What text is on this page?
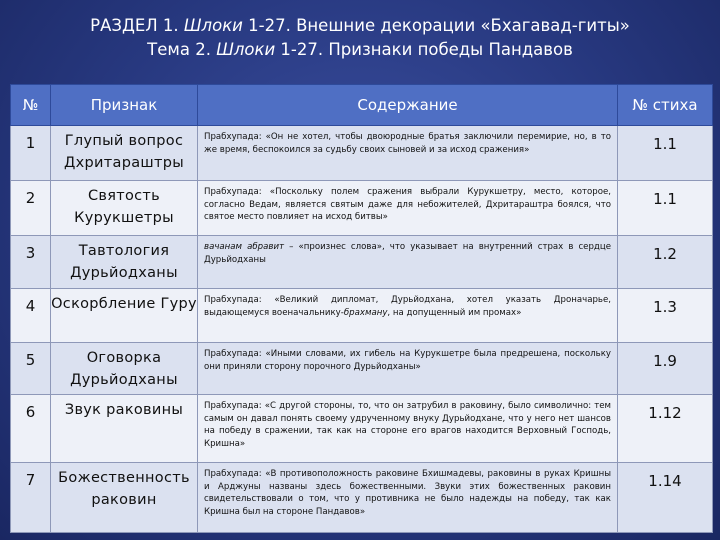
РАЗДЕЛ 1. Шлоки 1-27. Внешние декорации «Бхагавад-гиты»
Тема 2. Шлоки 1-27. Признаки победы Пандавов
№	Признак	Содержание	№ стиха
1	Глупый вопрос Дхритараштры	Прабхупада: «Он не хотел, чтобы двоюродные братья заключили перемирие, но, в то же время, беспокоился за судьбу своих сыновей и за исход сражения»	1.1
2	Святость Курукшетры	Прабхупада: «Поскольку полем сражения выбрали Курукшетру, место, которое, согласно Ведам, является святым даже для небожителей, Дхритараштра боялся, что святое место повлияет на исход битвы»	1.1
3	Тавтология Дурьйодханы	вачанам абравит – «произнес слова», что указывает на внутренний страх в сердце Дурьйодханы	1.2
4	Оскорбление Гуру	Прабхупада: «Великий дипломат, Дурьйодхана, хотел указать Дроначарье, выдающемуся военачальнику-брахману, на допущенный им промах»	1.3
5	Оговорка Дурьйодханы	Прабхупада: «Иными словами, их гибель на Курукшетре была предрешена, поскольку они приняли сторону порочного Дурьйодханы»	1.9
6	Звук раковины	Прабхупада: «С другой стороны, то, что он затрубил в раковину, было символично: тем самым он давал понять своему удрученному внуку Дурьйодхане, что у него нет шансов на победу в сражении, так как на стороне его врагов находится Верховный Господь, Кришна»	1.12
7	Божественность раковин	Прабхупада: «В противоположность раковине Бхишмадевы, раковины в руках Кришны и Арджуны названы здесь божественными. Звуки этих божественных раковин свидетельствовали о том, что у противника не было надежды на победу, так как Кришна был на стороне Пандавов»	1.14
